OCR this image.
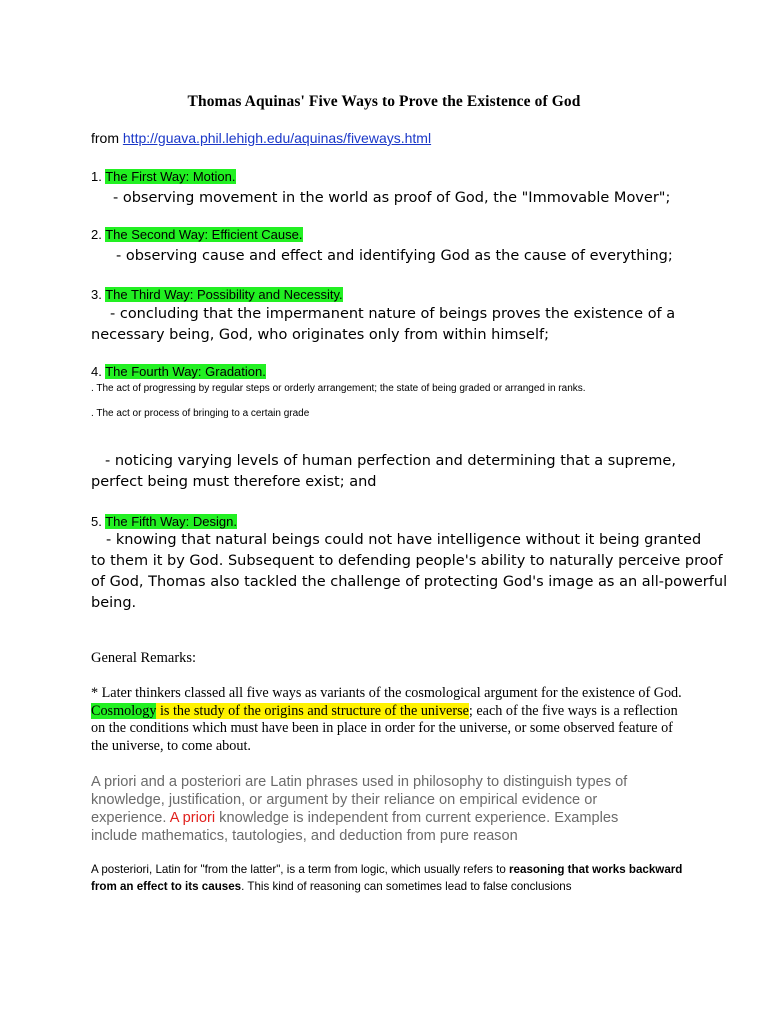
Thomas Aquinas' Five Ways to Prove the Existence of God
from http://guava.phil.lehigh.edu/aquinas/fiveways.html
1. The First Way: Motion.
- observing movement in the world as proof of God, the "Immovable Mover";
2. The Second Way: Efficient Cause.
- observing cause and effect and identifying God as the cause of everything;
3. The Third Way: Possibility and Necessity.
- concluding that the impermanent nature of beings proves the existence of a
necessary being, God, who originates only from within himself;
4. The Fourth Way: Gradation.
. The act of progressing by regular steps or orderly arrangement; the state of being graded or arranged in ranks.
. The act or process of bringing to a certain grade
- noticing varying levels of human perfection and determining that a supreme,
perfect being must therefore exist; and
5. The Fifth Way: Design.
- knowing that natural beings could not have intelligence without it being granted
to them it by God. Subsequent to defending people's ability to naturally perceive proof
of God, Thomas also tackled the challenge of protecting God's image as an all-powerful
being.
General Remarks:
* Later thinkers classed all five ways as variants of the cosmological argument for the existence of God. Cosmology is the study of the origins and structure of the universe; each of the five ways is a reflection on the conditions which must have been in place in order for the universe, or some observed feature of the universe, to come about.
A priori and a posteriori are Latin phrases used in philosophy to distinguish types of knowledge, justification, or argument by their reliance on empirical evidence or experience. A priori knowledge is independent from current experience. Examples include mathematics, tautologies, and deduction from pure reason
A posteriori, Latin for "from the latter", is a term from logic, which usually refers to reasoning that works backward from an effect to its causes. This kind of reasoning can sometimes lead to false conclusions
